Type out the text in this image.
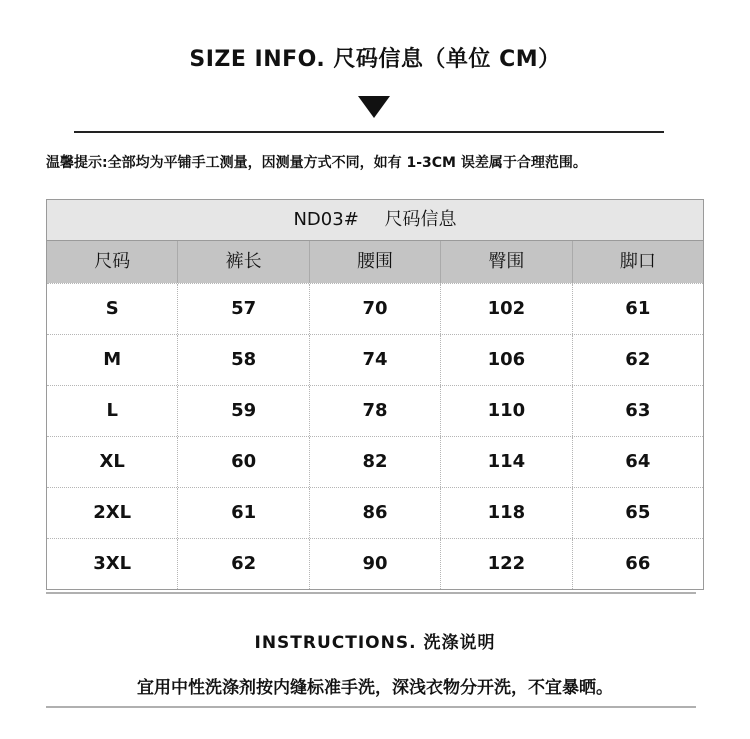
SIZE INFO. 尺码信息（单位 CM）
温馨提示:全部均为平铺手工测量，因测量方式不同，如有 1-3CM 误差属于合理范围。
ND03# 尺码信息
尺码	裤长	腰围	臀围	脚口
S	57	70	102	61
M	58	74	106	62
L	59	78	110	63
XL	60	82	114	64
2XL	61	86	118	65
3XL	62	90	122	66
INSTRUCTIONS. 洗涤说明
宜用中性洗涤剂按内缝标准手洗，深浅衣物分开洗，不宜暴晒。
